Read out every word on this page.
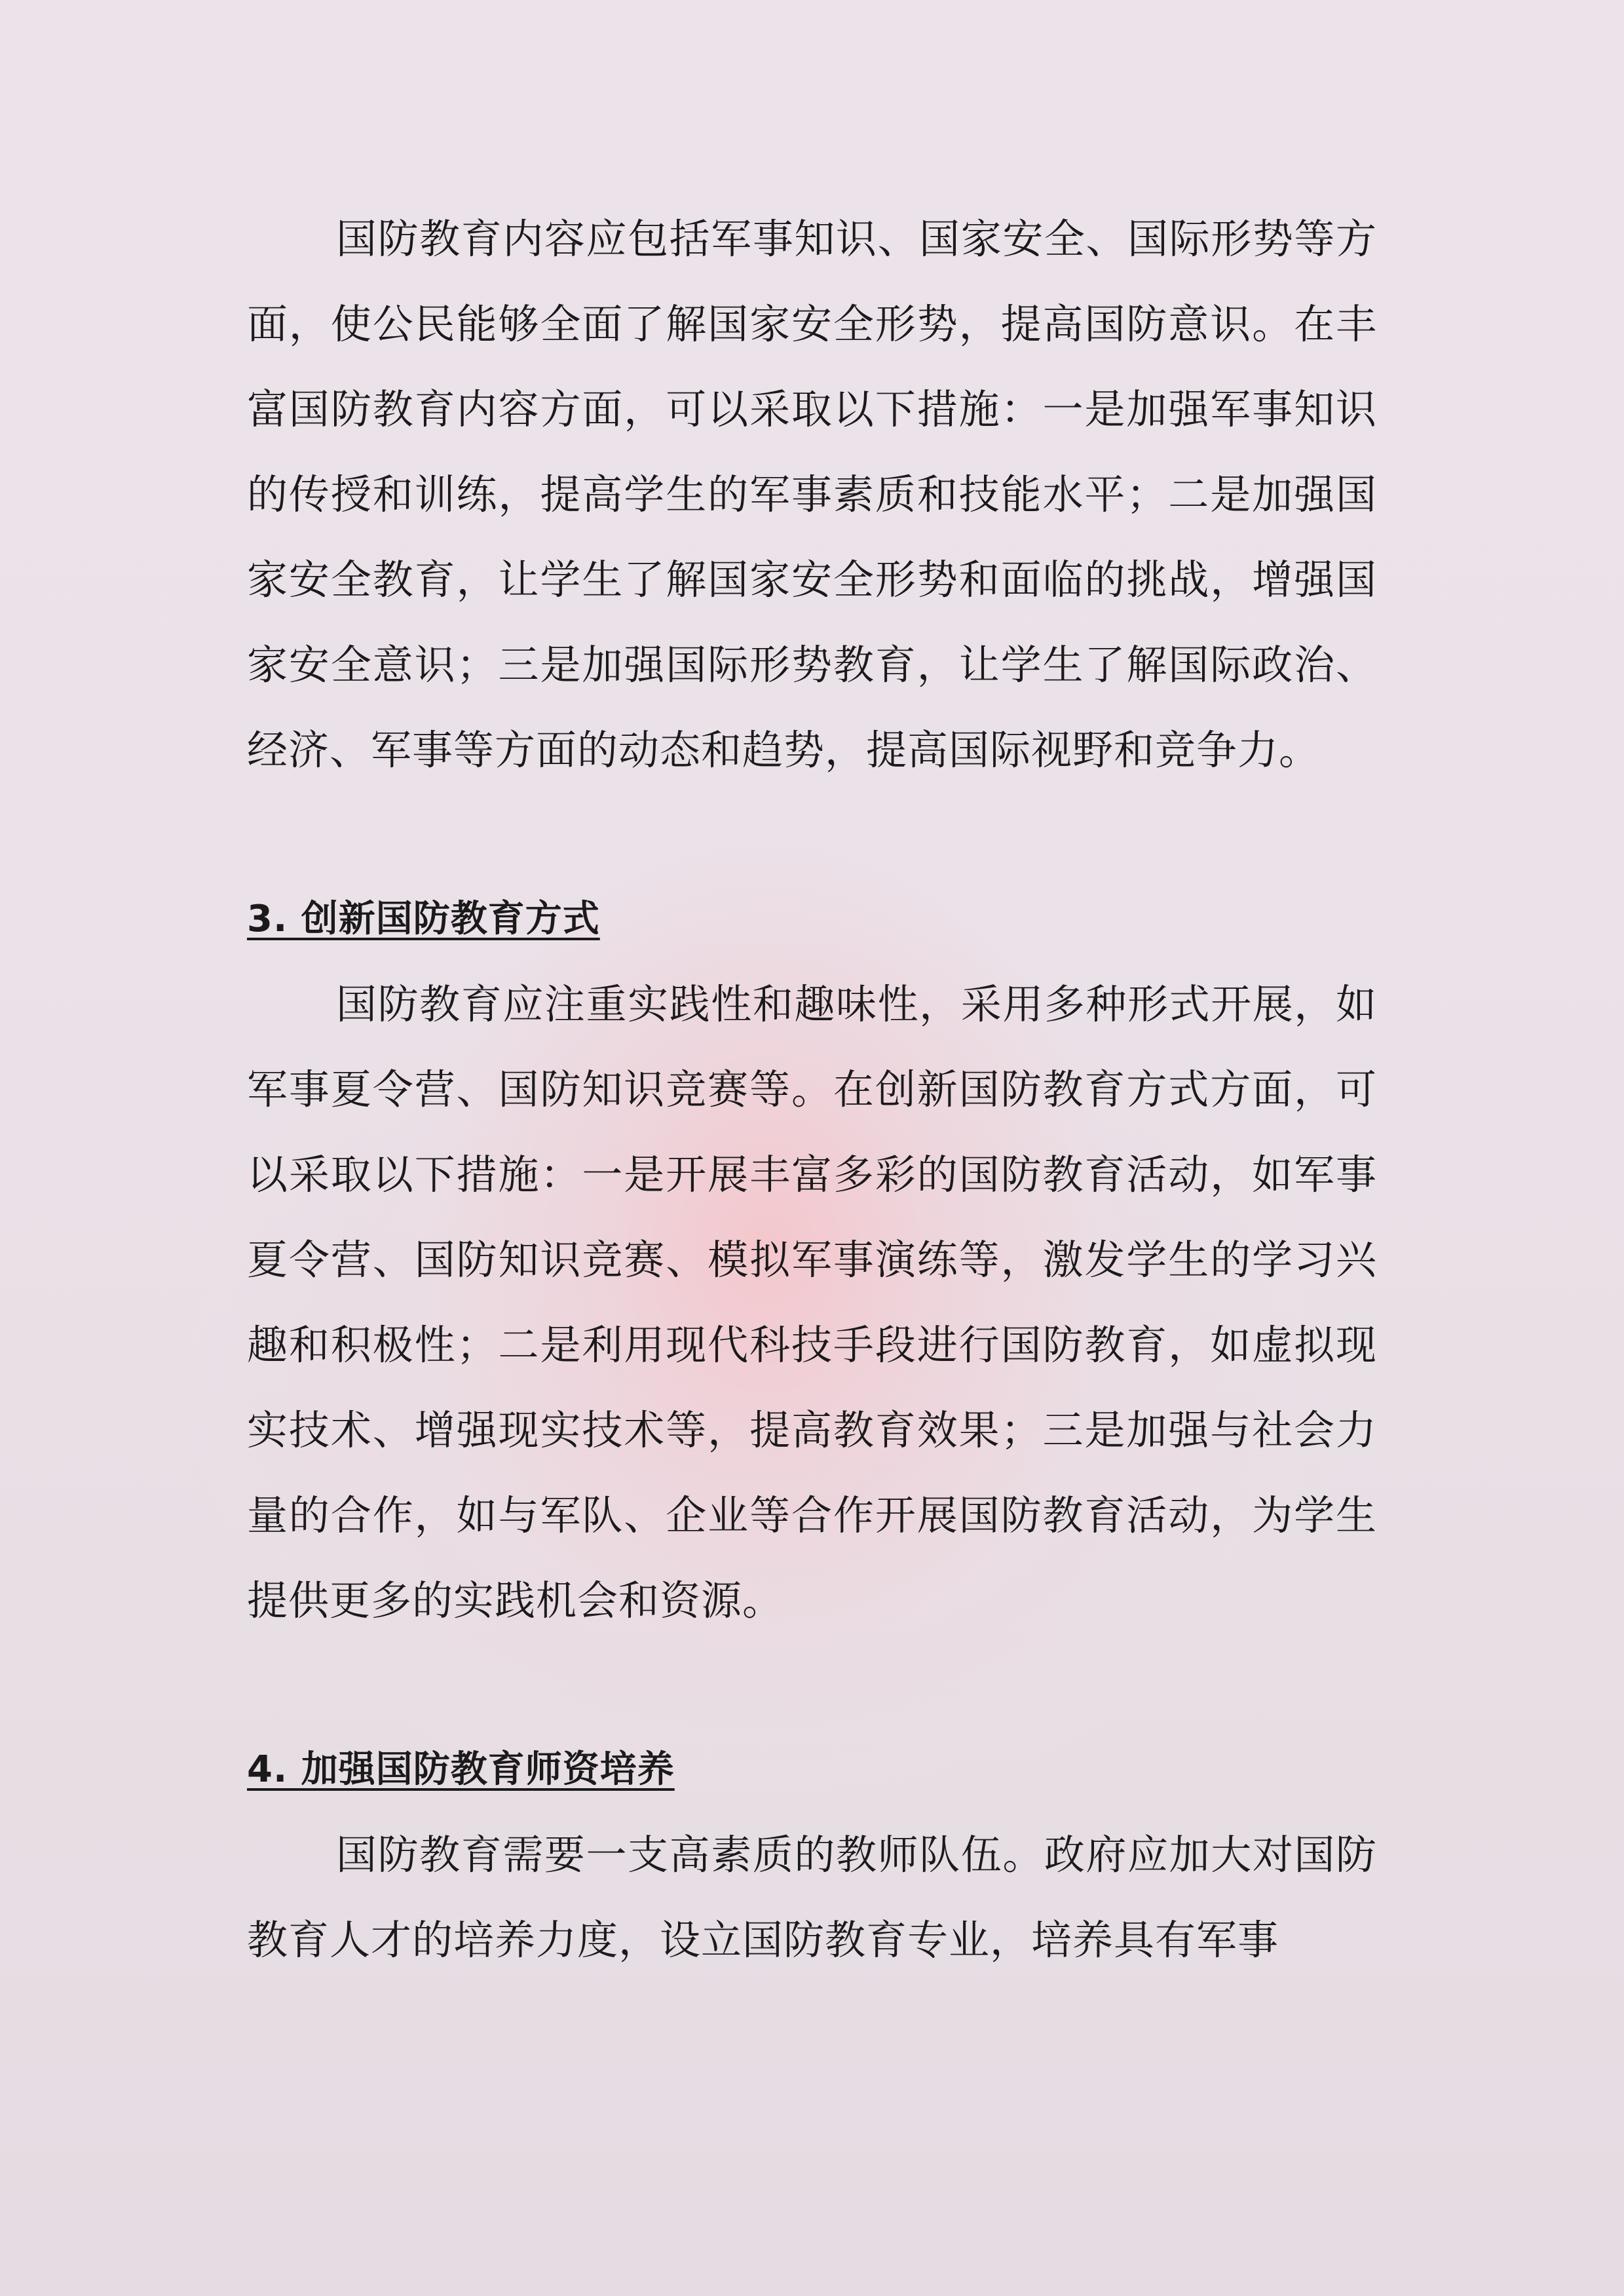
国防教育内容应包括军事知识、国家安全、国际形势等方面，使公民能够全面了解国家安全形势，提高国防意识。在丰富国防教育内容方面，可以采取以下措施：一是加强军事知识的传授和训练，提高学生的军事素质和技能水平；二是加强国家安全教育，让学生了解国家安全形势和面临的挑战，增强国家安全意识；三是加强国际形势教育，让学生了解国际政治、经济、军事等方面的动态和趋势，提高国际视野和竞争力。

3. 创新国防教育方式

国防教育应注重实践性和趣味性，采用多种形式开展，如军事夏令营、国防知识竞赛等。在创新国防教育方式方面，可以采取以下措施：一是开展丰富多彩的国防教育活动，如军事夏令营、国防知识竞赛、模拟军事演练等，激发学生的学习兴趣和积极性；二是利用现代科技手段进行国防教育，如虚拟现实技术、增强现实技术等，提高教育效果；三是加强与社会力量的合作，如与军队、企业等合作开展国防教育活动，为学生提供更多的实践机会和资源。

4. 加强国防教育师资培养

国防教育需要一支高素质的教师队伍。政府应加大对国防教育人才的培养力度，设立国防教育专业，培养具有军事
